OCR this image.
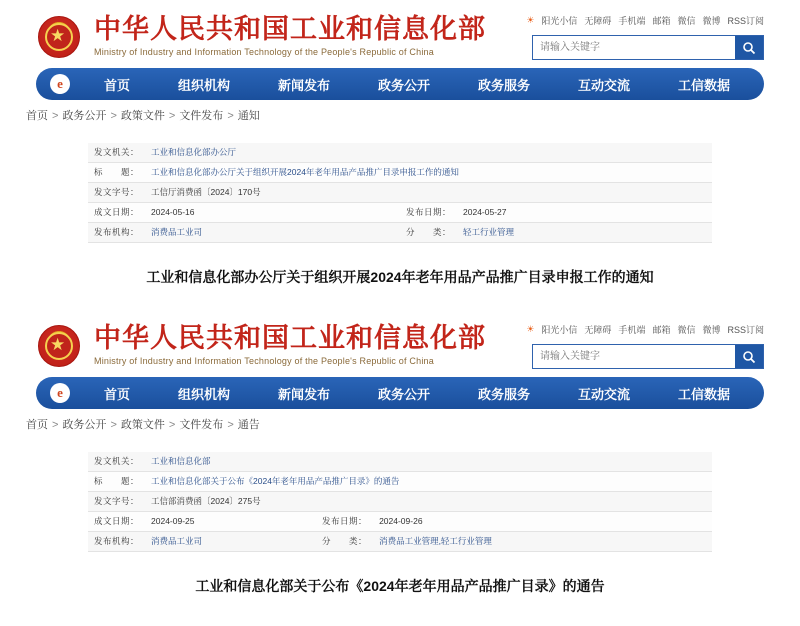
★ 中华人民共和国工业和信息化部
Ministry of Industry and Information Technology of the People's Republic of China
☀ 阳光小信 无障碍 手机端 邮箱 微信 微博 RSS订阅
请输入关键字
e	首页	组织机构	新闻发布	政务公开	政务服务	互动交流	工信数据
首页 > 政务公开 > 政策文件 > 文件发布 > 通知
发文机关：	工业和信息化部办公厅		
标　　题：	工业和信息化部办公厅关于组织开展2024年老年用品产品推广目录申报工作的通知		
发文字号：	工信厅消费函〔2024〕170号		
成文日期：	2024-05-16	发布日期：	2024-05-27
发布机构：	消费品工业司	分　　类：	轻工行业管理
工业和信息化部办公厅关于组织开展2024年老年用品产品推广目录申报工作的通知
★ 中华人民共和国工业和信息化部
Ministry of Industry and Information Technology of the People's Republic of China
☀ 阳光小信 无障碍 手机端 邮箱 微信 微博 RSS订阅
请输入关键字
e	首页	组织机构	新闻发布	政务公开	政务服务	互动交流	工信数据
首页 > 政务公开 > 政策文件 > 文件发布 > 通告
发文机关：	工业和信息化部		
标　　题：	工业和信息化部关于公布《2024年老年用品产品推广目录》的通告		
发文字号：	工信部消费函〔2024〕275号		
成文日期：	2024-09-25	发布日期：	2024-09-26
发布机构：	消费品工业司	分　　类：	消费品工业管理,轻工行业管理
工业和信息化部关于公布《2024年老年用品产品推广目录》的通告
